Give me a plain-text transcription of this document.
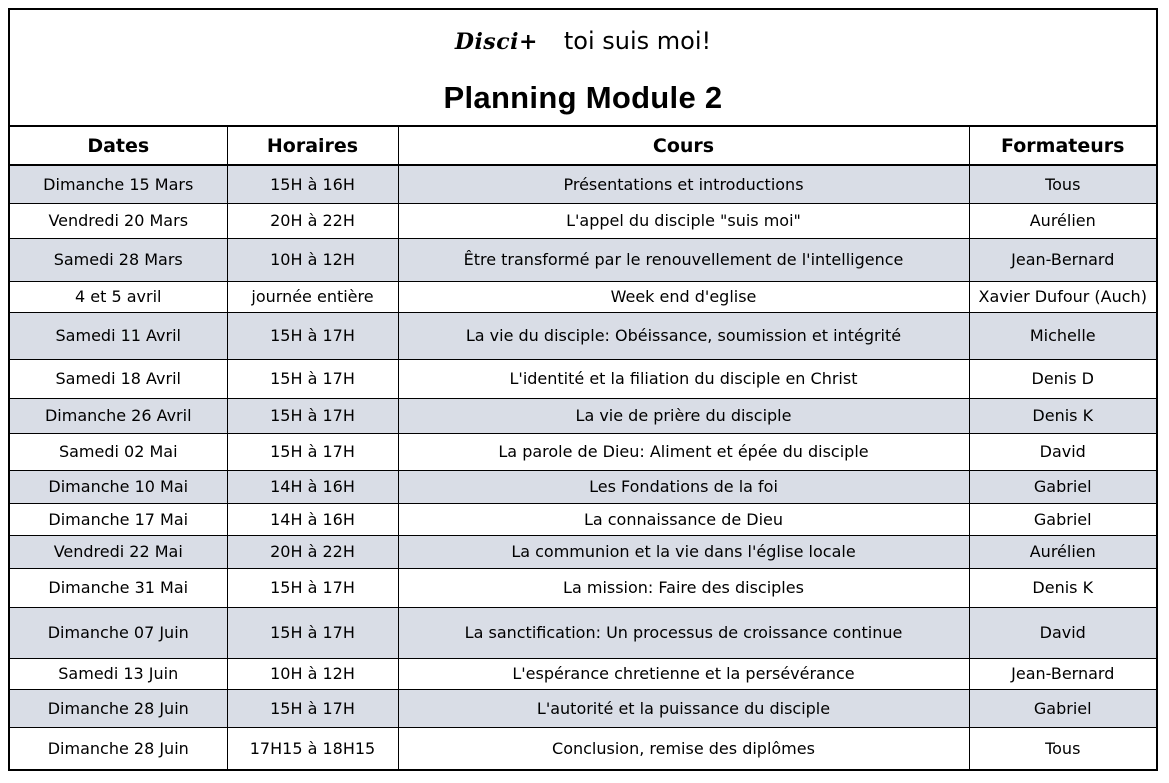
Disci+ toi suis moi!
Planning Module 2
Dates	Horaires	Cours	Formateurs
Dimanche 15 Mars	15H à 16H	Présentations et introductions	Tous
Vendredi 20 Mars	20H à 22H	L'appel du disciple "suis moi"	Aurélien
Samedi 28 Mars	10H à 12H	Être transformé par le renouvellement de l'intelligence	Jean-Bernard
4 et 5 avril	journée entière	Week end d'eglise	Xavier Dufour (Auch)
Samedi 11 Avril	15H à 17H	La vie du disciple: Obéissance, soumission et intégrité	Michelle
Samedi 18 Avril	15H à 17H	L'identité et la filiation du disciple en Christ	Denis D
Dimanche 26 Avril	15H à 17H	La vie de prière du disciple	Denis K
Samedi 02 Mai	15H à 17H	La parole de Dieu: Aliment et épée du disciple	David
Dimanche 10 Mai	14H à 16H	Les Fondations de la foi	Gabriel
Dimanche 17 Mai	14H à 16H	La connaissance de Dieu	Gabriel
Vendredi 22 Mai	20H à 22H	La communion et la vie dans l'église locale	Aurélien
Dimanche 31 Mai	15H à 17H	La mission: Faire des disciples	Denis K
Dimanche 07 Juin	15H à 17H	La sanctification: Un processus de croissance continue	David
Samedi 13 Juin	10H à 12H	L'espérance chretienne et la persévérance	Jean-Bernard
Dimanche 28 Juin	15H à 17H	L'autorité et la puissance du disciple	Gabriel
Dimanche 28 Juin	17H15 à 18H15	Conclusion, remise des diplômes	Tous
